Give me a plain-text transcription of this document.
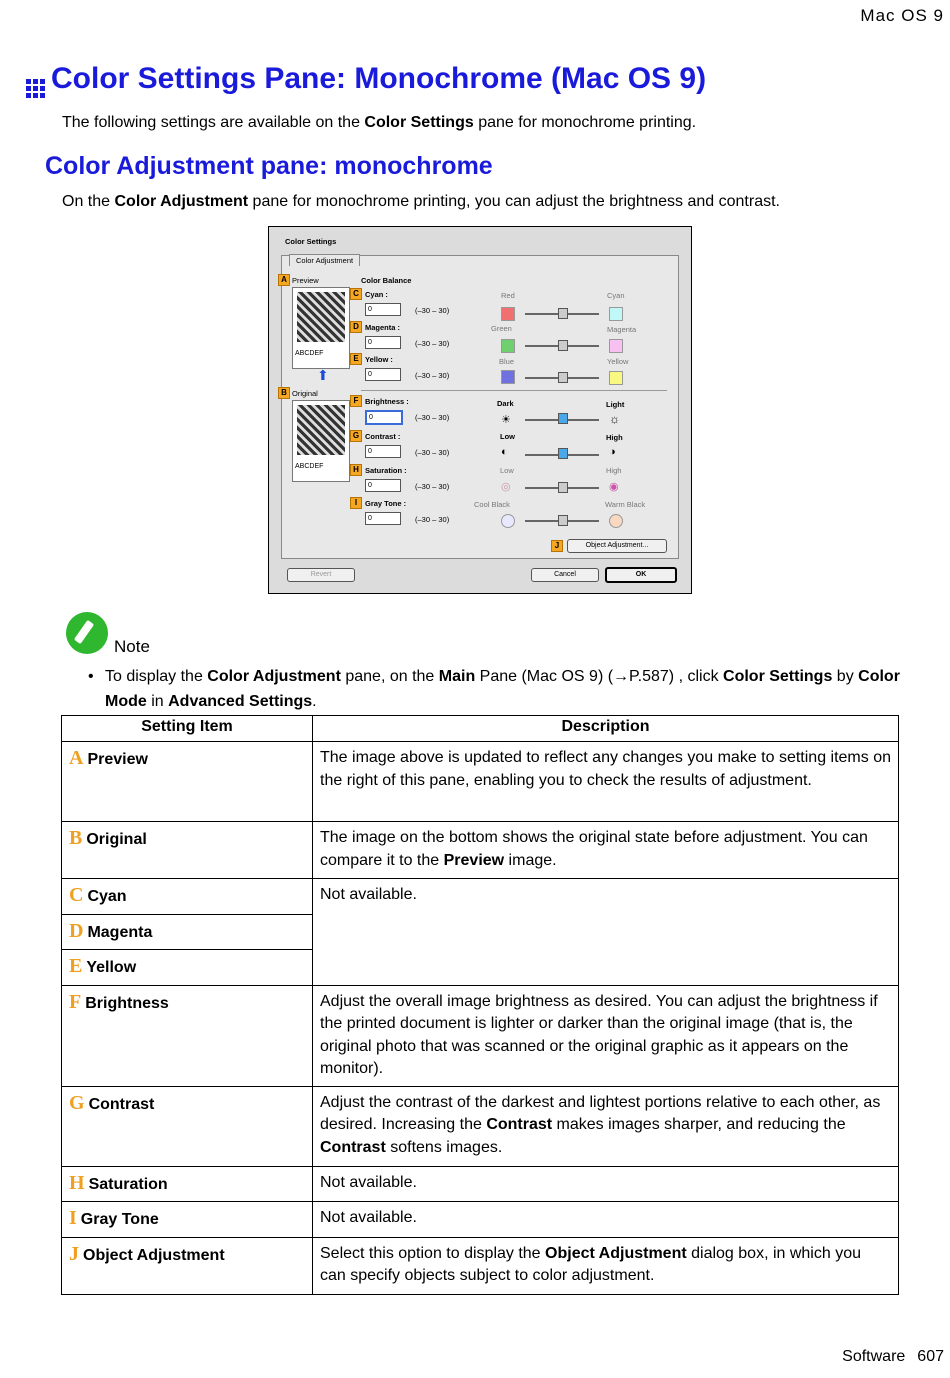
Mac OS 9
Color Settings Pane: Monochrome (Mac OS 9)
The following settings are available on the Color Settings pane for monochrome printing.
Color Adjustment pane: monochrome
On the Color Adjustment pane for monochrome printing, you can adjust the brightness and contrast.
Color Settings
Color Adjustment
A Preview
ABCDEF
⬆
B Original
ABCDEF
Color Balance
C Cyan :
0	(–30 – 30)
Red	Cyan
D Magenta :
0	(–30 – 30)
Green	Magenta
E Yellow :
0	(–30 – 30)
Blue	Yellow
F Brightness :
0	(–30 – 30)
Dark	Light
☀	☼
G Contrast :
0	(–30 – 30)
Low	High
◐	◑
H Saturation :
0	(–30 – 30)
Low	High
◎	◉
I	Gray Tone :
0	(–30 – 30)
Cool Black	Warm Black
J	Object Adjustment...
Revert	Cancel	OK
Note
• To display the Color Adjustment pane, on the Main Pane (Mac OS 9) (→P.587) , click Color Settings by Color Mode in Advanced Settings.
Setting Item	Description
A Preview	The image above is updated to reflect any changes you make to setting items on the right of this pane, enabling you to check the results of adjustment.
B Original	The image on the bottom shows the original state before adjustment. You can compare it to the Preview image.
C Cyan	Not available.
D Magenta	
E Yellow	
F Brightness	Adjust the overall image brightness as desired. You can adjust the brightness if the printed document is lighter or darker than the original image (that is, the original photo that was scanned or the original graphic as it appears on the monitor).
G Contrast	Adjust the contrast of the darkest and lightest portions relative to each other, as desired. Increasing the Contrast makes images sharper, and reducing the Contrast softens images.
H Saturation	Not available.
I Gray Tone	Not available.
J Object Adjustment	Select this option to display the Object Adjustment dialog box, in which you can specify objects subject to color adjustment.
Software 607
